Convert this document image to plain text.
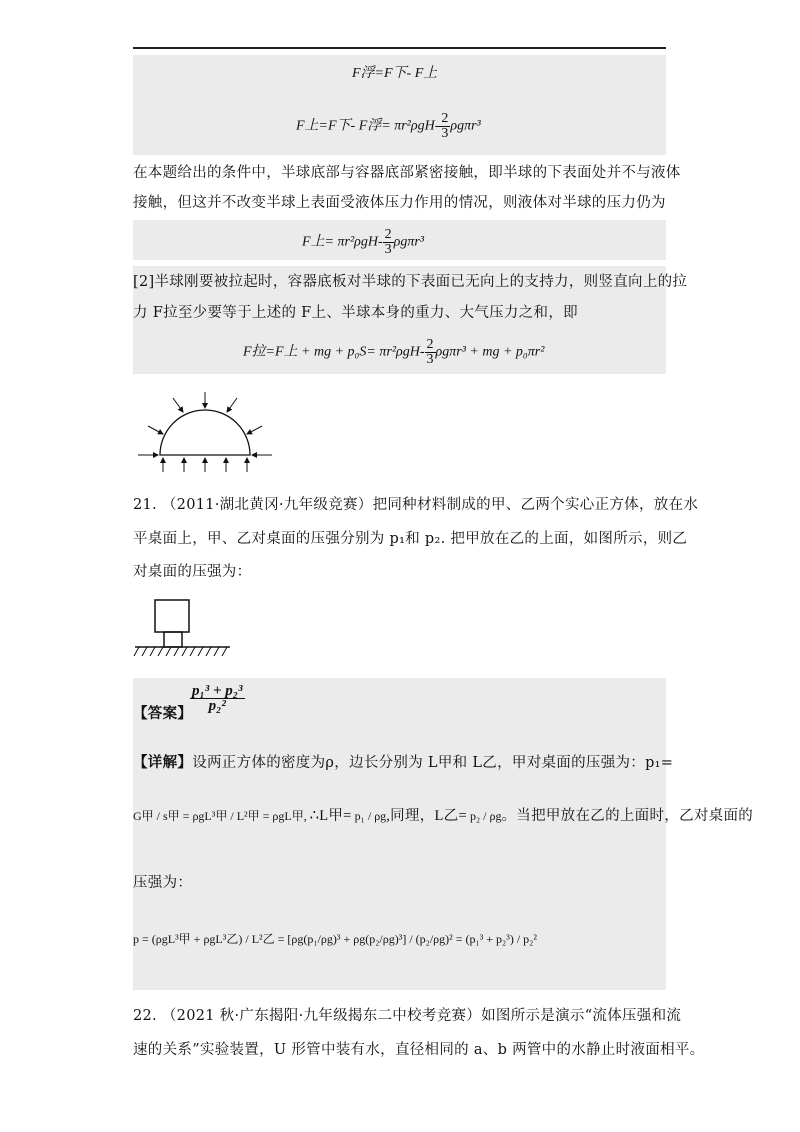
F浮=F下- F上
F上=F下- F浮= $\pi r^2\rho gH- \frac{2}{3} \rho g\pi r^3$
在本题给出的条件中，半球底部与容器底部紧密接触，即半球的下表面处并不与液体
接触，但这并不改变半球上表面受液体压力作用的情况，则液体对半球的压力仍为
F上= $\pi r^2\rho gH- \frac{2}{3} \rho g\pi r^3$
[2]半球刚要被拉起时，容器底板对半球的下表面已无向上的支持力，则竖直向上的拉
力 F拉至少要等于上述的 F上、半球本身的重力、大气压力之和，即
F拉=F上 + mg + $p_0S= \pi r^2\rho gH- \frac{2}{3} \rho g\pi r^3$ + mg + p₀πr²
21. （2011·湖北黄冈·九年级竞赛）把同种材料制成的甲、乙两个实心正方体，放在水
平桌面上，甲、乙对桌面的压强分别为 p₁和 p₂. 把甲放在乙的上面，如图所示，则乙
对桌面的压强为：
【答案】
$\frac{\text{p₁³ + p₂³}}{\text{p₂²}}$
【详解】设两正方体的密度为ρ，边长分别为 L甲和 L乙，甲对桌面的压强为：p₁=
G甲 / s甲 = ρgL³甲 / L²甲 = ρgL甲, ∴L甲= p₁ / ρg,同理，L乙= p₂ / ρg。当把甲放在乙的上面时，乙对桌面的
压强为：
p = (ρgL³甲 + ρgL³乙) / L²乙 = [ρg(p₁/ρg)³ + ρg(p₂/ρg)³] / (p₂/ρg)² = (p₁³ + p₂³) / p₂²
22. （2021 秋·广东揭阳·九年级揭东二中校考竞赛）如图所示是演示“流体压强和流
速的关系”实验装置，U 形管中装有水，直径相同的 a、b 两管中的水静止时液面相平。
